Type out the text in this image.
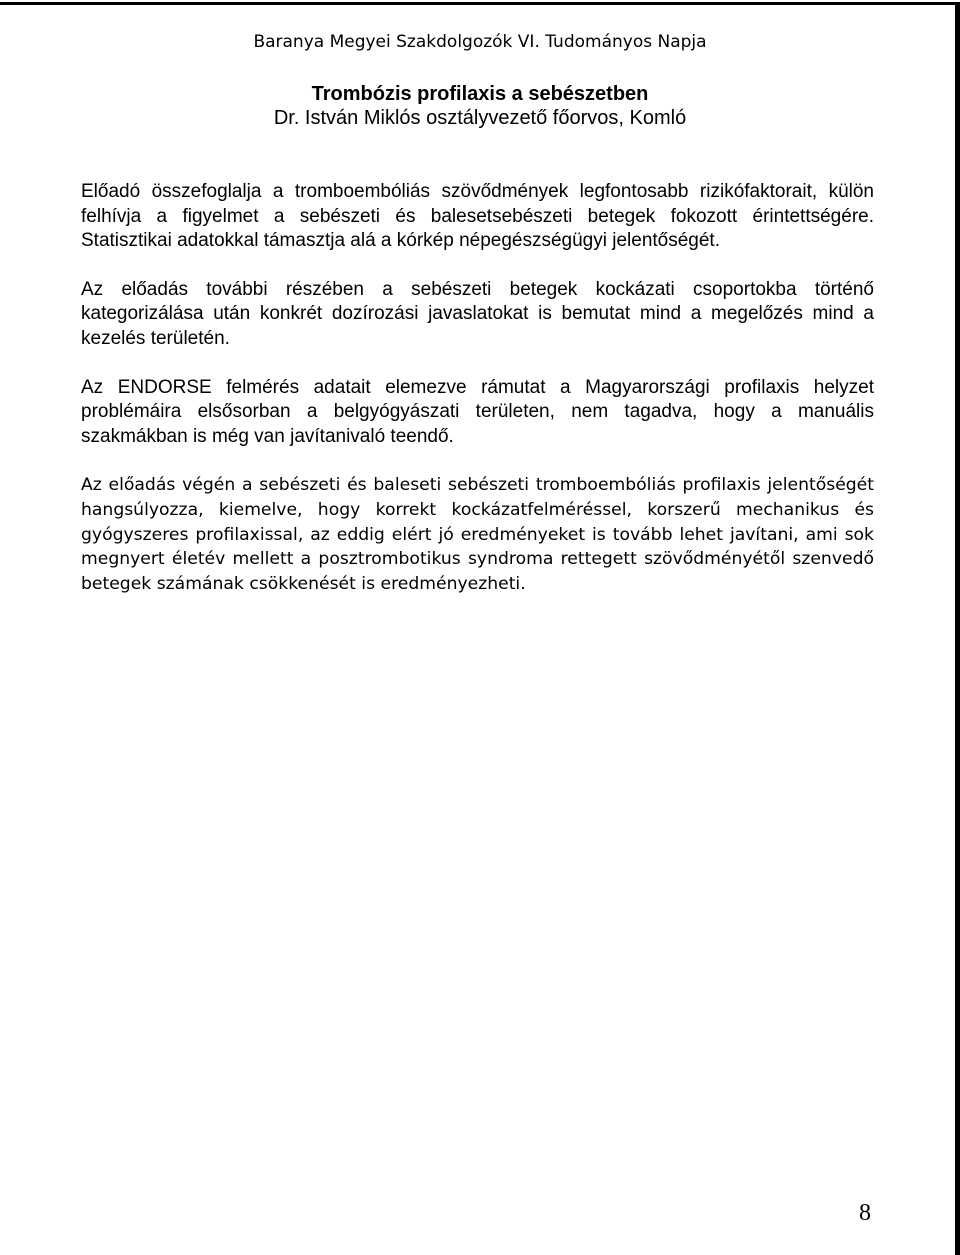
Baranya Megyei Szakdolgozók VI. Tudományos Napja
Trombózis profilaxis a sebészetben
Dr. István Miklós osztályvezető főorvos, Komló

Előadó összefoglalja a tromboembóliás szövődmények legfontosabb rizikófaktorait, külön felhívja a figyelmet a sebészeti és balesetsebészeti betegek fokozott érintettségére. Statisztikai adatokkal támasztja alá a kórkép népegészségügyi jelentőségét.

Az előadás további részében a sebészeti betegek kockázati csoportokba történő kategorizálása után konkrét dozírozási javaslatokat is bemutat mind a megelőzés mind a kezelés területén.

Az ENDORSE felmérés adatait elemezve rámutat a Magyarországi profilaxis helyzet problémáira elsősorban a belgyógyászati területen, nem tagadva, hogy a manuális szakmákban is még van javítanivaló teendő.

Az előadás végén a sebészeti és baleseti sebészeti tromboembóliás profilaxis jelentőségét hangsúlyozza, kiemelve, hogy korrekt kockázatfelméréssel, korszerű mechanikus és gyógyszeres profilaxissal, az eddig elért jó eredményeket is tovább lehet javítani, ami sok megnyert életév mellett a posztrombotikus syndroma rettegett szövődményétől szenvedő betegek számának csökkenését is eredményezheti.

8
